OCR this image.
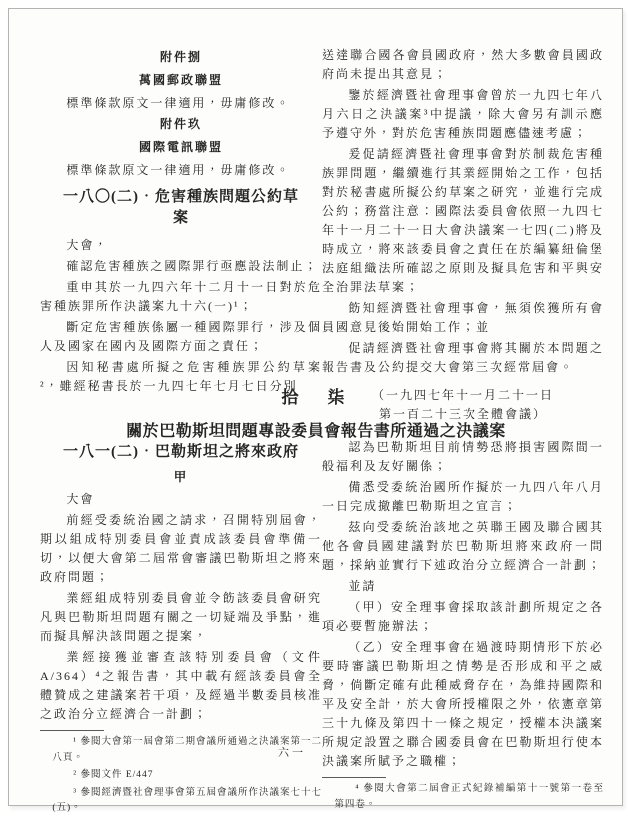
附件捌
萬國郵政聯盟

標準條款原文一律適用，毋庸修改。

附件玖
國際電訊聯盟

標準條款原文一律適用，毋庸修改。

一八〇(二)．危害種族問題公約草案

大會，

確認危害種族之國際罪行亟應設法制止；

重申其於一九四六年十二月十一日對於危害種族罪所作決議案九十六(一)¹；

斷定危害種族係屬一種國際罪行，涉及個人及國家在國內及國際方面之責任；

因知秘書處所擬之危害種族罪公約草案²，雖經秘書長於一九四七年七月七日分別

送達聯合國各會員國政府，然大多數會員國政府尚未提出其意見；

鑒於經濟暨社會理事會曾於一九四七年八月六日之決議案³中提議，除大會另有訓示應予遵守外，對於危害種族問題應儘速考慮；

爰促請經濟暨社會理事會對於制裁危害種族罪問題，繼續進行其業經開始之工作，包括對於秘書處所擬公約草案之研究，並進行完成公約；務當注意：國際法委員會依照一九四七年十一月二十一日大會決議案一七四(二)將及時成立，將來該委員會之責任在於編纂紐倫堡法庭組織法所確認之原則及擬具危害和平與安全治罪法草案；

飭知經濟暨社會理事會，無須俟獲所有會員國意見後始開始工作；並

促請經濟暨社會理事會將其關於本問題之報告書及公約提交大會第三次經常屆會。

（一九四七年十一月二十一日
第一百二十三次全體會議）
拾　柒
關於巴勒斯坦問題專設委員會報告書所通過之決議案
一八一(二)．巴勒斯坦之將來政府
甲

大會

前經受委統治國之請求，召開特別屆會，期以組成特別委員會並責成該委員會準備一切，以便大會第二屆常會審議巴勒斯坦之將來政府問題；

業經組成特別委員會並令飭該委員會研究凡與巴勒斯坦問題有關之一切疑端及爭點，進而擬具解決該問題之提案，

業經接獲並審查該特別委員會（文件A/364）⁴之報告書，其中載有經該委員會全體贊成之建議案若干項，及經過半數委員核准之政治分立經濟合一計劃；

¹ 參閱大會第一屆會第二期會議所通過之決議案第一二八頁。

² 參閱文件 E/447

³ 參閱經濟暨社會理事會第五屆會議所作決議案七十七(五)。

認為巴勒斯坦目前情勢恐將損害國際間一般福利及友好關係；

備悉受委統治國所作擬於一九四八年八月一日完成撤離巴勒斯坦之宣言；

茲向受委統治該地之英聯王國及聯合國其他各會員國建議對於巴勒斯坦將來政府一問題，採納並實行下述政治分立經濟合一計劃；

並請

（甲）安全理事會採取該計劃所規定之各項必要暫施辦法；

（乙）安全理事會在過渡時期情形下於必要時審議巴勒斯坦之情勢是否形成和平之威脅，倘斷定確有此種威脅存在，為維持國際和平及安全計，於大會所授權限之外，依憲章第三十九條及第四十一條之規定，授權本決議案所規定設置之聯合國委員會在巴勒斯坦行使本決議案所賦予之職權；

⁴ 參閱大會第二屆會正式紀錄補編第十一號第一卷至第四卷。

六一
